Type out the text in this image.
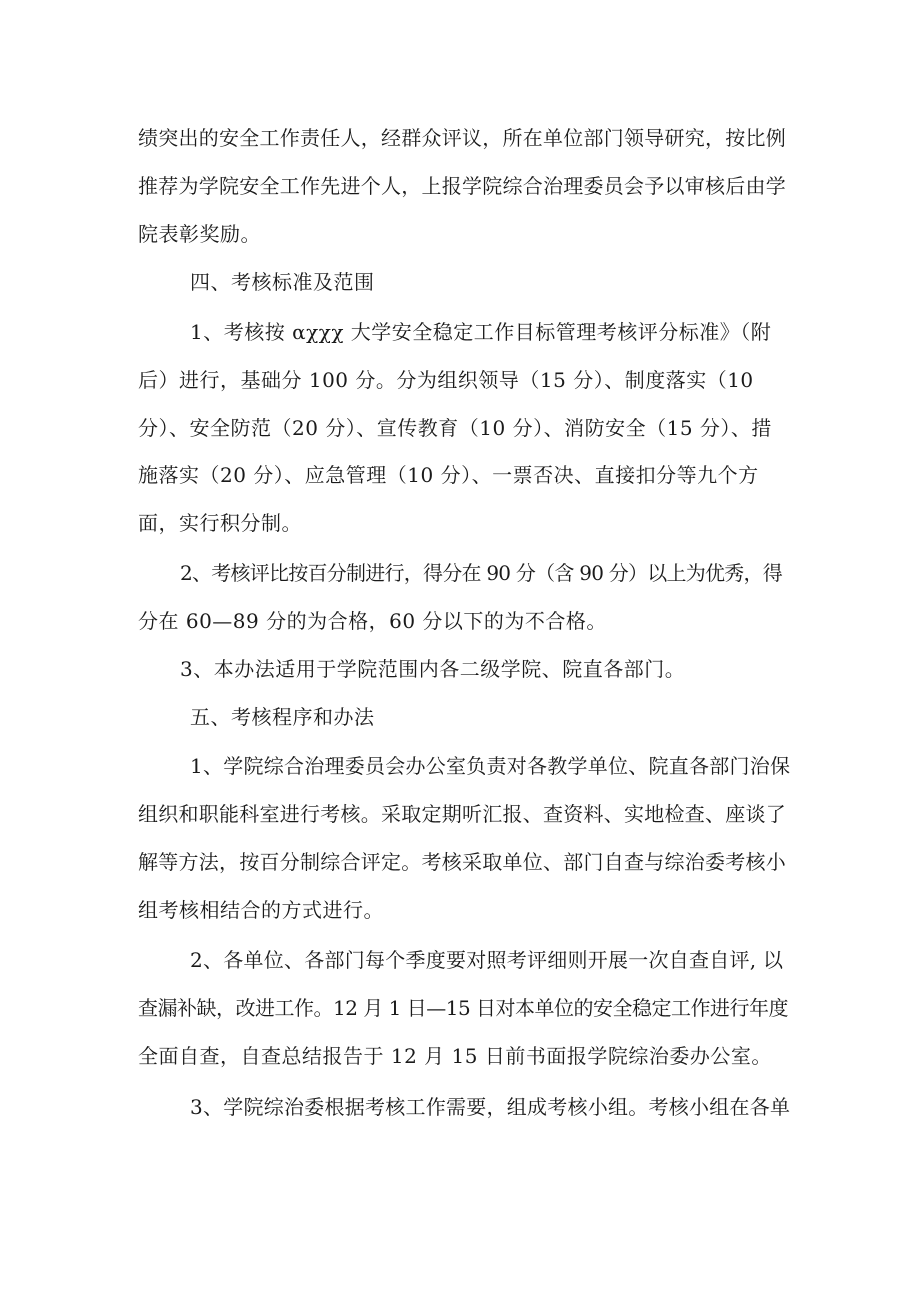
绩突出的安全工作责任人，经群众评议，所在单位部门领导研究，按比例
推荐为学院安全工作先进个人，上报学院综合治理委员会予以审核后由学
院表彰奖励。
四、考核标准及范围
1、考核按 αχχχ 大学安全稳定工作目标管理考核评分标准》（附
后）进行，基础分 100 分。分为组织领导（15 分）、制度落实（10
分）、安全防范（20 分）、宣传教育（10 分）、消防安全（15 分）、措
施落实（20 分）、应急管理（10 分）、一票否决、直接扣分等九个方
面，实行积分制。
2、考核评比按百分制进行，得分在 90 分（含 90 分）以上为优秀，得
分在 60—89 分的为合格，60 分以下的为不合格。
3、本办法适用于学院范围内各二级学院、院直各部门。
五、考核程序和办法
1、学院综合治理委员会办公室负责对各教学单位、院直各部门治保
组织和职能科室进行考核。采取定期听汇报、查资料、实地检查、座谈了
解等方法，按百分制综合评定。考核采取单位、部门自查与综治委考核小
组考核相结合的方式进行。
2、各单位、各部门每个季度要对照考评细则开展一次自查自评, 以
查漏补缺，改进工作。12 月 1 日—15 日对本单位的安全稳定工作进行年度
全面自查，自查总结报告于 12 月 15 日前书面报学院综治委办公室。
3、学院综治委根据考核工作需要，组成考核小组。考核小组在各单
